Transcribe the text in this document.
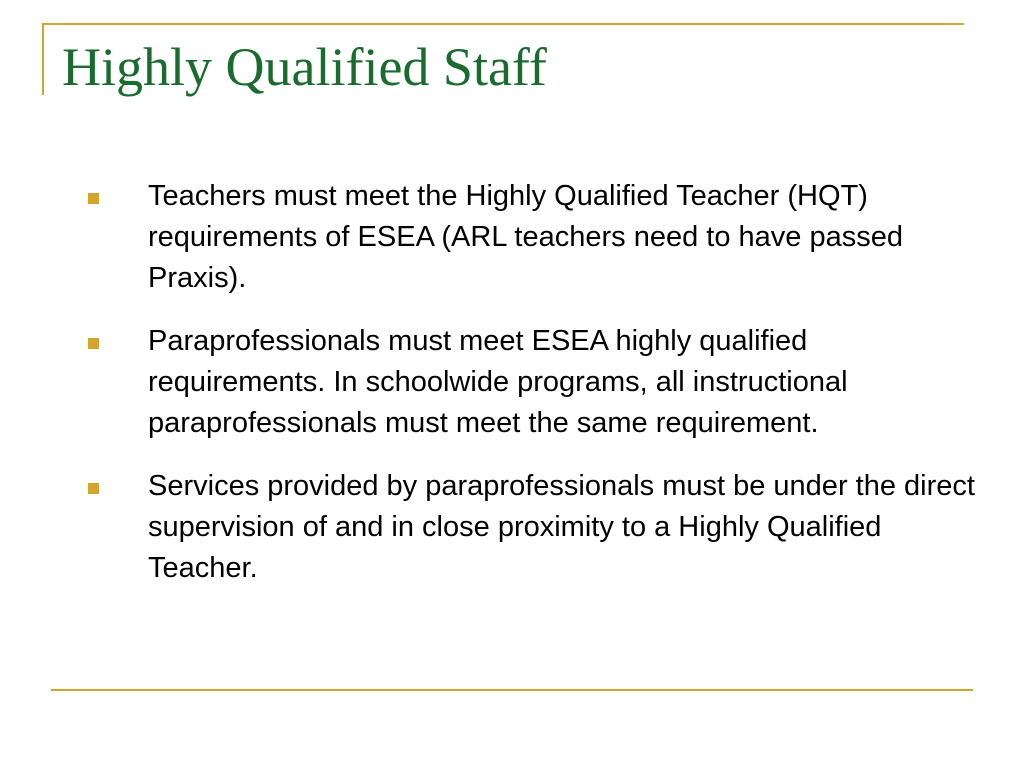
Highly Qualified Staff
Teachers must meet the Highly Qualified Teacher (HQT) requirements of ESEA (ARL teachers need to have passed Praxis).
Paraprofessionals must meet ESEA highly qualified requirements. In schoolwide programs, all instructional paraprofessionals must meet the same requirement.
Services provided by paraprofessionals must be under the direct supervision of and in close proximity to a Highly Qualified Teacher.
